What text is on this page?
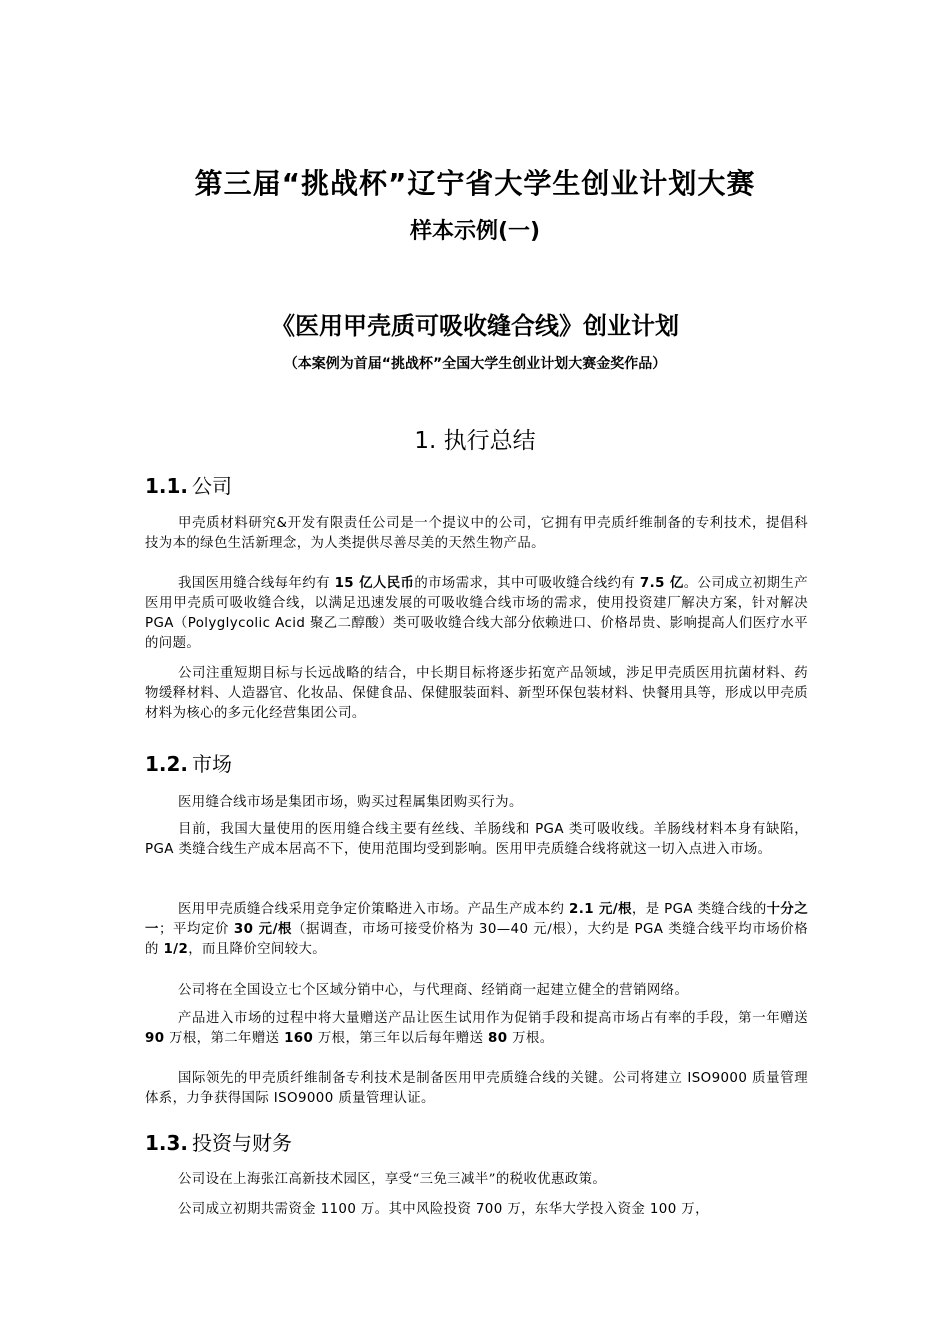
第三届“挑战杯”辽宁省大学生创业计划大赛
样本示例(一)
《医用甲壳质可吸收缝合线》创业计划
（本案例为首届“挑战杯”全国大学生创业计划大赛金奖作品）
1. 执行总结
1.1. 公司
甲壳质材料研究&开发有限责任公司是一个提议中的公司，它拥有甲壳质纤维制备的专利技术，提倡科技为本的绿色生活新理念，为人类提供尽善尽美的天然生物产品。
我国医用缝合线每年约有 15 亿人民币的市场需求，其中可吸收缝合线约有 7.5 亿。公司成立初期生产医用甲壳质可吸收缝合线，以满足迅速发展的可吸收缝合线市场的需求，使用投资建厂解决方案，针对解决 PGA（Polyglycolic Acid 聚乙二醇酸）类可吸收缝合线大部分依赖进口、价格昂贵、影响提高人们医疗水平的问题。
公司注重短期目标与长远战略的结合，中长期目标将逐步拓宽产品领域，涉足甲壳质医用抗菌材料、药物缓释材料、人造器官、化妆品、保健食品、保健服装面料、新型环保包装材料、快餐用具等，形成以甲壳质材料为核心的多元化经营集团公司。
1.2. 市场
医用缝合线市场是集团市场，购买过程属集团购买行为。
目前，我国大量使用的医用缝合线主要有丝线、羊肠线和 PGA 类可吸收线。羊肠线材料本身有缺陷，PGA 类缝合线生产成本居高不下，使用范围均受到影响。医用甲壳质缝合线将就这一切入点进入市场。
医用甲壳质缝合线采用竞争定价策略进入市场。产品生产成本约 2.1 元/根，是 PGA 类缝合线的十分之一；平均定价 30 元/根（据调查，市场可接受价格为 30—40 元/根），大约是 PGA 类缝合线平均市场价格的 1/2，而且降价空间较大。
公司将在全国设立七个区域分销中心，与代理商、经销商一起建立健全的营销网络。
产品进入市场的过程中将大量赠送产品让医生试用作为促销手段和提高市场占有率的手段，第一年赠送 90 万根，第二年赠送 160 万根，第三年以后每年赠送 80 万根。
国际领先的甲壳质纤维制备专利技术是制备医用甲壳质缝合线的关键。公司将建立 ISO9000 质量管理体系，力争获得国际 ISO9000 质量管理认证。
1.3. 投资与财务
公司设在上海张江高新技术园区，享受“三免三减半”的税收优惠政策。
公司成立初期共需资金 1100 万。其中风险投资 700 万，东华大学投入资金 100 万，
